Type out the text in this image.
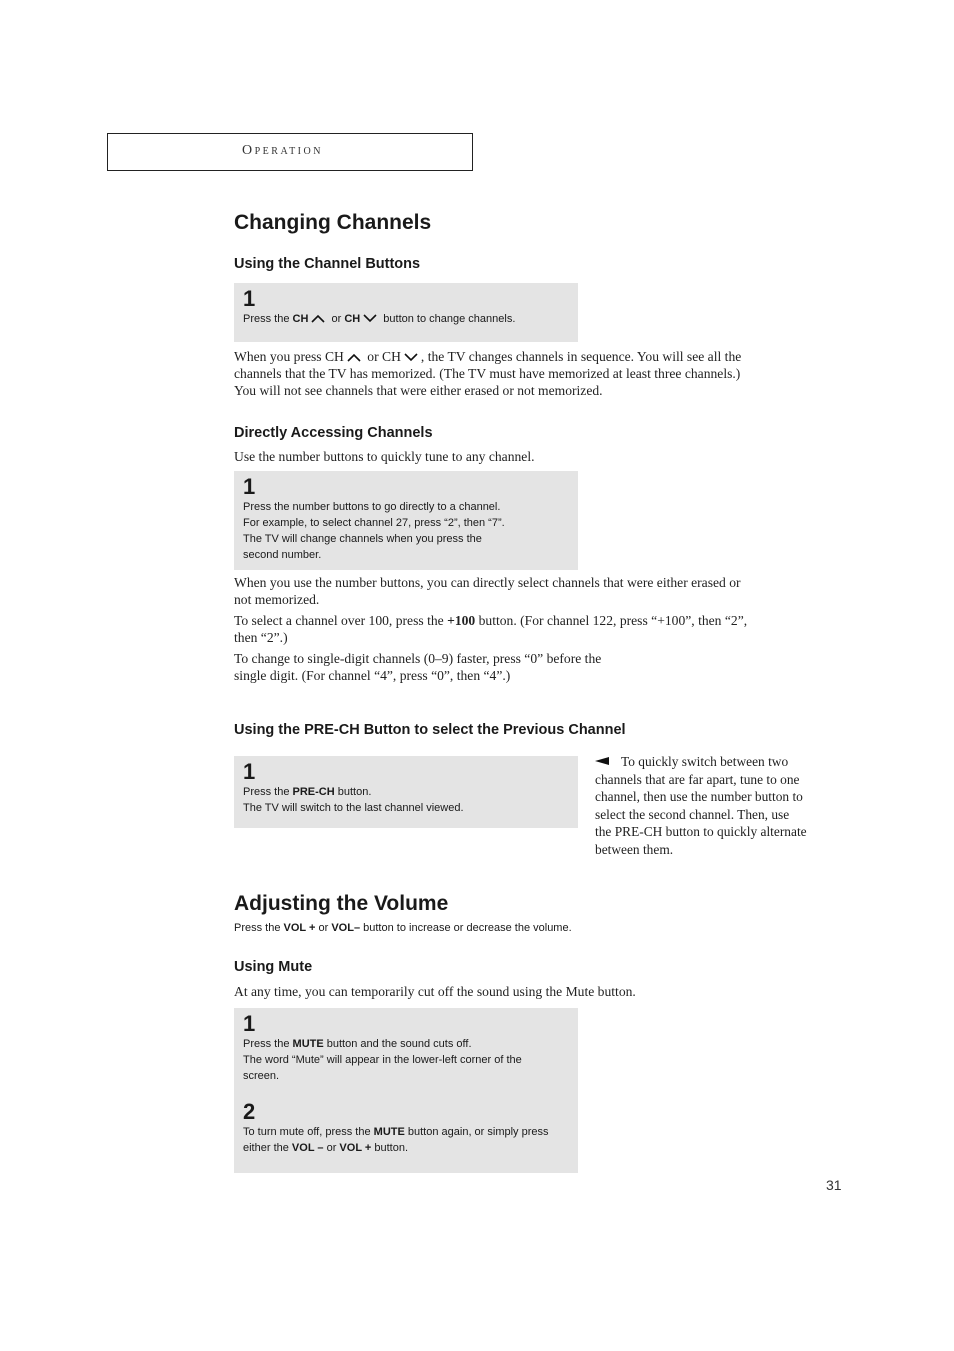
Operation
Changing Channels
Using the Channel Buttons
1
Press the CH or CH button to change channels.
When you press CH or CH , the TV changes channels in sequence. You will see all the
channels that the TV has memorized. (The TV must have memorized at least three channels.)
You will not see channels that were either erased or not memorized.
Directly Accessing Channels
Use the number buttons to quickly tune to any channel.
1
Press the number buttons to go directly to a channel.
For example, to select channel 27, press “2”, then “7”.
The TV will change channels when you press the
second number.
When you use the number buttons, you can directly select channels that were either erased or
not memorized.
To select a channel over 100, press the +100 button. (For channel 122, press “+100”, then “2”,
then “2”.)
To change to single-digit channels (0–9) faster, press “0” before the
single digit. (For channel “4”, press “0”, then “4”.)
Using the PRE-CH Button to select the Previous Channel
1
Press the PRE-CH button.
The TV will switch to the last channel viewed.
To quickly switch between two channels that are far apart, tune to one channel, then use the number button to select the second channel. Then, use the PRE-CH button to quickly alternate between them.
Adjusting the Volume
Press the VOL + or VOL– button to increase or decrease the volume.
Using Mute
At any time, you can temporarily cut off the sound using the Mute button.
1
Press the MUTE button and the sound cuts off.
The word “Mute” will appear in the lower-left corner of the
screen.
2
To turn mute off, press the MUTE button again, or simply press
either the VOL – or VOL + button.
31
